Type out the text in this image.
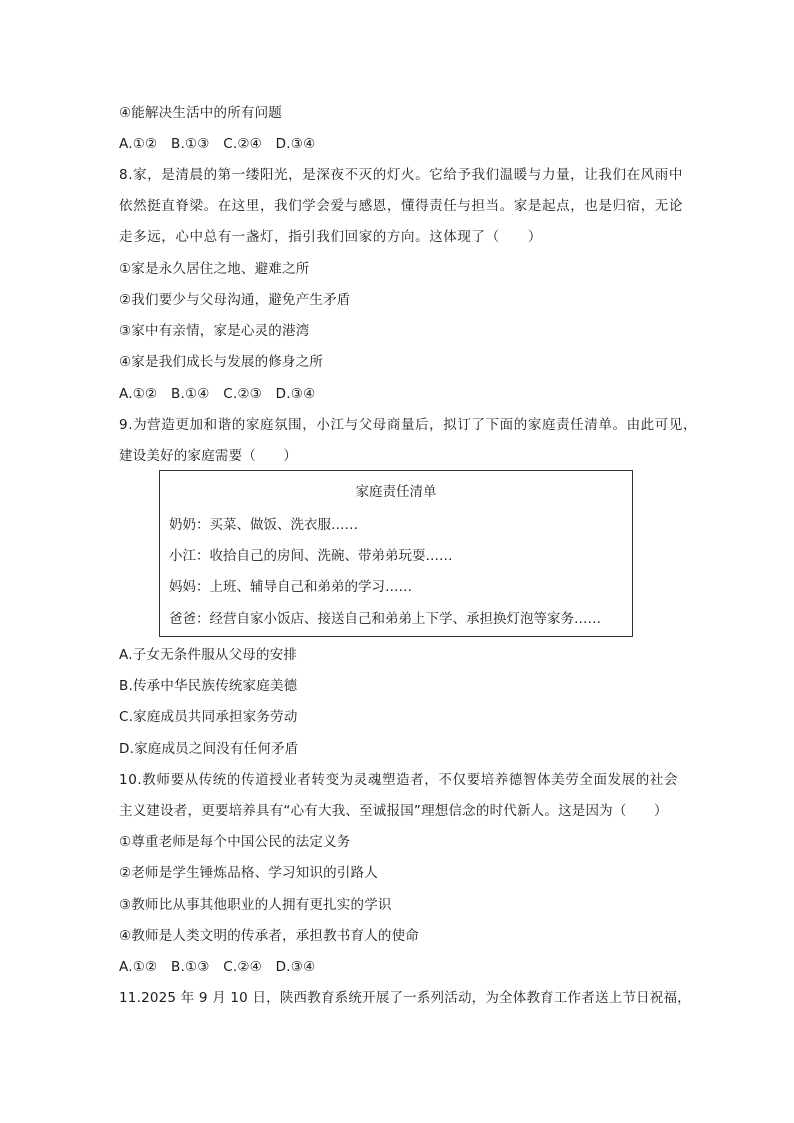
④能解决生活中的所有问题
A.①②　B.①③　C.②④　D.③④
8.家，是清晨的第一缕阳光，是深夜不灭的灯火。它给予我们温暖与力量，让我们在风雨中
依然挺直脊梁。在这里，我们学会爱与感恩，懂得责任与担当。家是起点，也是归宿，无论
走多远，心中总有一盏灯，指引我们回家的方向。这体现了（　　）
①家是永久居住之地、避难之所
②我们要少与父母沟通，避免产生矛盾
③家中有亲情，家是心灵的港湾
④家是我们成长与发展的修身之所
A.①②　B.①④　C.②③　D.③④
9.为营造更加和谐的家庭氛围，小江与父母商量后，拟订了下面的家庭责任清单。由此可见，
建设美好的家庭需要（　　）
家庭责任清单
奶奶：买菜、做饭、洗衣服……
小江：收拾自己的房间、洗碗、带弟弟玩耍……
妈妈：上班、辅导自己和弟弟的学习……
爸爸：经营自家小饭店、接送自己和弟弟上下学、承担换灯泡等家务……
A.子女无条件服从父母的安排
B.传承中华民族传统家庭美德
C.家庭成员共同承担家务劳动
D.家庭成员之间没有任何矛盾
10.教师要从传统的传道授业者转变为灵魂塑造者，不仅要培养德智体美劳全面发展的社会
主义建设者，更要培养具有“心有大我、至诚报国”理想信念的时代新人。这是因为（　　）
①尊重老师是每个中国公民的法定义务
②老师是学生锤炼品格、学习知识的引路人
③教师比从事其他职业的人拥有更扎实的学识
④教师是人类文明的传承者，承担教书育人的使命
A.①②　B.①③　C.②④　D.③④
11.2025 年 9 月 10 日，陕西教育系统开展了一系列活动，为全体教育工作者送上节日祝福，
